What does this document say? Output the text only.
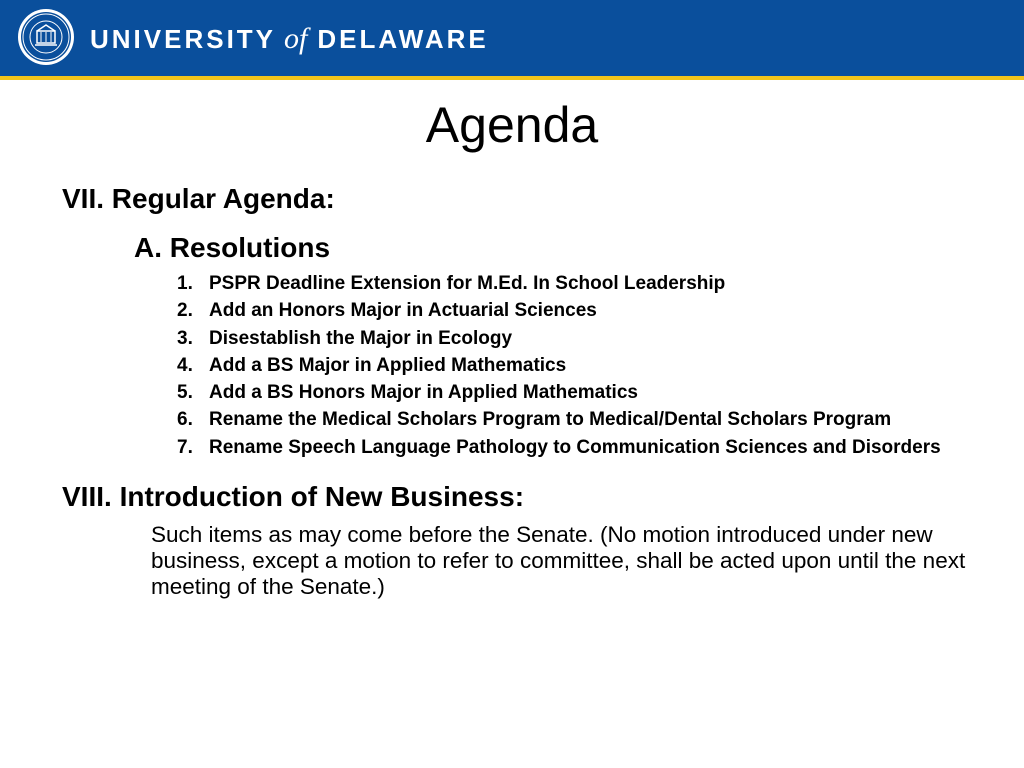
UNIVERSITY of DELAWARE
Agenda
VII. Regular Agenda:
A. Resolutions
1. PSPR Deadline Extension for M.Ed. In School Leadership
2. Add an Honors Major in Actuarial Sciences
3. Disestablish the Major in Ecology
4. Add a BS Major in Applied Mathematics
5. Add a BS Honors Major in Applied Mathematics
6. Rename the Medical Scholars Program to Medical/Dental Scholars Program
7. Rename Speech Language Pathology to Communication Sciences and Disorders
VIII. Introduction of New Business:

Such items as may come before the Senate. (No motion introduced under new business, except a motion to refer to committee, shall be acted upon until the next meeting of the Senate.)
